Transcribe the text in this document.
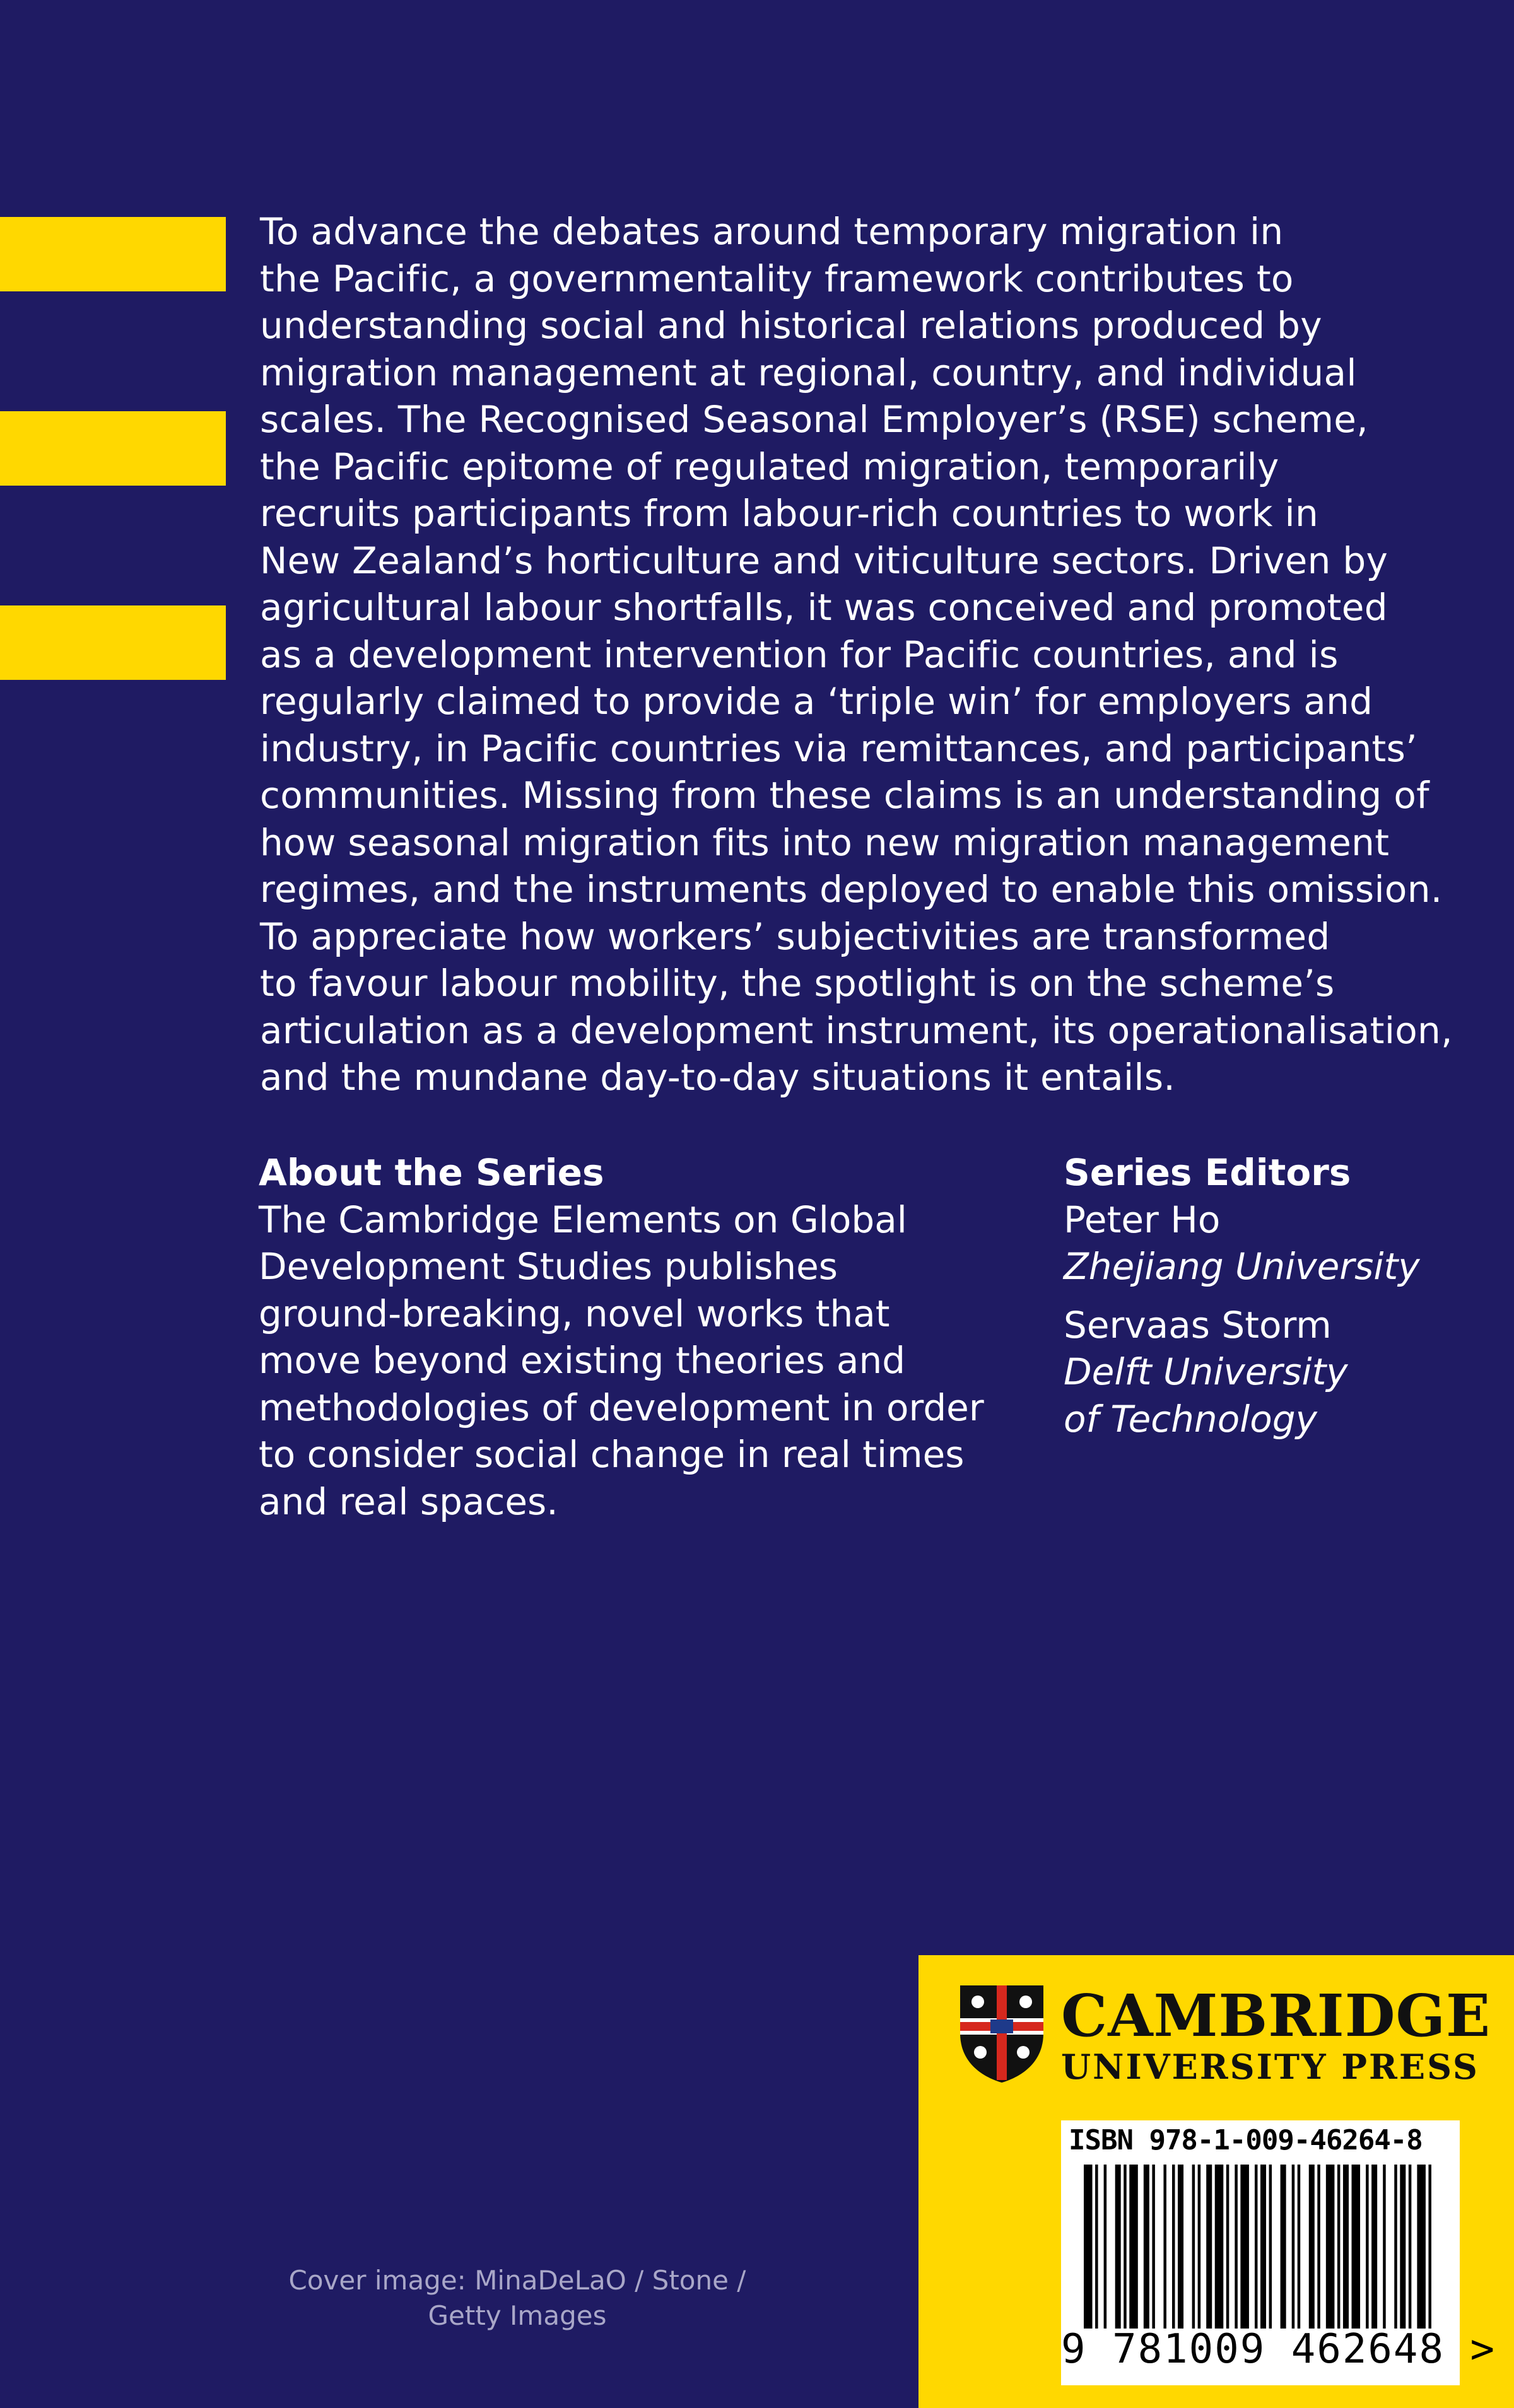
To advance the debates around temporary migration in
the Pacific, a governmentality framework contributes to
understanding social and historical relations produced by
migration management at regional, country, and individual
scales. The Recognised Seasonal Employer’s (RSE) scheme,
the Pacific epitome of regulated migration, temporarily
recruits participants from labour-rich countries to work in
New Zealand’s horticulture and viticulture sectors. Driven by
agricultural labour shortfalls, it was conceived and promoted
as a development intervention for Pacific countries, and is
regularly claimed to provide a ‘triple win’ for employers and
industry, in Pacific countries via remittances, and participants’
communities. Missing from these claims is an understanding of
how seasonal migration fits into new migration management
regimes, and the instruments deployed to enable this omission.
To appreciate how workers’ subjectivities are transformed
to favour labour mobility, the spotlight is on the scheme’s
articulation as a development instrument, its operationalisation,
and the mundane day-to-day situations it entails.
About the Series
The Cambridge Elements on Global
Development Studies publishes
ground-breaking, novel works that
move beyond existing theories and
methodologies of development in order
to consider social change in real times
and real spaces.
Series Editors
Peter Ho
Zhejiang University
Servaas Storm
Delft University
of Technology
Cover image: MinaDeLaO / Stone /
Getty Images
CAMBRIDGE
UNIVERSITY PRESS
ISBN 978-1-009-46264-8
9 781009 462648 >
